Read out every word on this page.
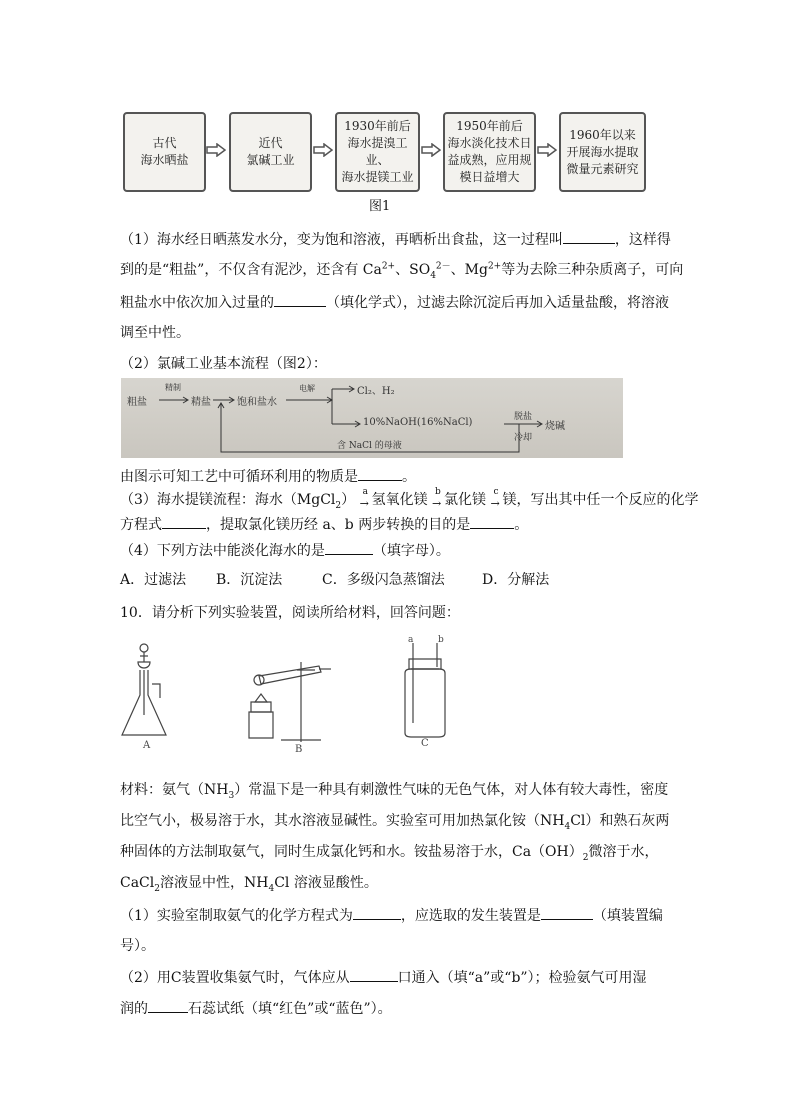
古代
海水晒盐
近代
氯碱工业
1930年前后
海水提溴工业、
海水提镁工业
1950年前后
海水淡化技术日
益成熟，应用规
模日益增大
1960年以来
开展海水提取
微量元素研究
图1
（1）海水经日晒蒸发水分，变为饱和溶液，再晒析出食盐，这一过程叫	，这样得
到的是“粗盐”，不仅含有泥沙，还含有 $Ca^{2+}$、$SO_4^{2-}$、$Mg^{2+}$等为去除三种杂质离子，可向
粗盐水中依次加入过量的	（填化学式），过滤去除沉淀后再加入适量盐酸，将溶液
调至中性。
（2）氯碱工业基本流程（图2）：
粗盐
精制
精盐	饱和盐水
电解	Cl₂、H₂
10%NaOH(16%NaCl)	脱盐
冷却
烧碱
含 NaCl 的母液
由图示可知工艺中可循环利用的物质是	。
（3）海水提镁流程：海水（MgCl$_2$） a
→ 氢氧化镁 b
→ 氯化镁 c
→ 镁，写出其中任一个反应的化学
方程式	，提取氯化镁历经 a、b 两步转换的目的是	。
（4）下列方法中能淡化海水的是	（填字母）。
A．过滤法 B．沉淀法	C．多级闪急蒸馏法	D．分解法
10．请分析下列实验装置，阅读所给材料，回答问题：
A	B
a	b
C
材料：氨气$(NH_3)$常温下是一种具有刺激性气味的无色气体，对人体有较大毒性，密度
比空气小，极易溶于水，其水溶液显碱性。实验室可用加热氯化铵$(NH_4Cl)$和熟石灰两
种固体的方法制取氨气，同时生成氯化钙和水。铵盐易溶于水，$Ca(OH)_2$微溶于水，
CaCl$_2$溶液显中性，$NH_4Cl$ 溶液显酸性。
（1）实验室制取氨气的化学方程式为	，应选取的发生装置是	（填装置编
号）。
（2）用C装置收集氨气时，气体应从	口通入（填“a”或“b”）；检验氨气可用湿
润的	石蕊试纸（填“红色”或“蓝色”）。
